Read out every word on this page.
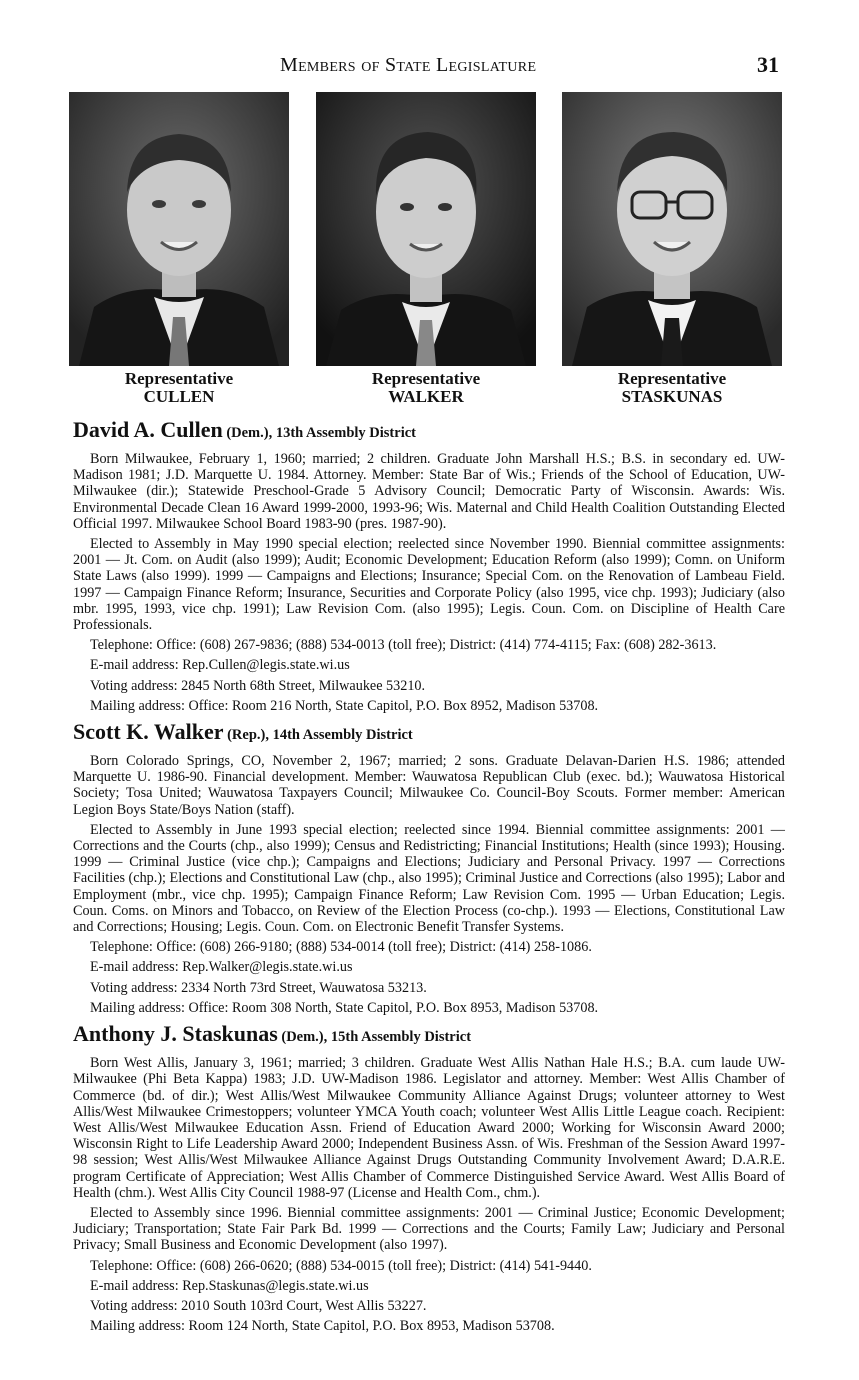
Members of State Legislature	31
Representative
CULLEN
Representative
WALKER
Representative
STASKUNAS
David A. Cullen (Dem.), 13th Assembly District

Born Milwaukee, February 1, 1960; married; 2 children. Graduate John Marshall H.S.; B.S. in secondary ed. UW-Madison 1981; J.D. Marquette U. 1984. Attorney. Member: State Bar of Wis.; Friends of the School of Education, UW-Milwaukee (dir.); Statewide Preschool-Grade 5 Advisory Council; Democratic Party of Wisconsin. Awards: Wis. Environmental Decade Clean 16 Award 1999-2000, 1993-96; Wis. Maternal and Child Health Coalition Outstanding Elected Official 1997. Milwaukee School Board 1983-90 (pres. 1987-90).

Elected to Assembly in May 1990 special election; reelected since November 1990. Biennial committee assignments: 2001 — Jt. Com. on Audit (also 1999); Audit; Economic Development; Education Reform (also 1999); Comn. on Uniform State Laws (also 1999). 1999 — Campaigns and Elections; Insurance; Special Com. on the Renovation of Lambeau Field. 1997 — Campaign Finance Reform; Insurance, Securities and Corporate Policy (also 1995, vice chp. 1993); Judiciary (also mbr. 1995, 1993, vice chp. 1991); Law Revision Com. (also 1995); Legis. Coun. Com. on Discipline of Health Care Professionals.

Telephone: Office: (608) 267-9836; (888) 534-0013 (toll free); District: (414) 774-4115; Fax: (608) 282-3613.

E-mail address: Rep.Cullen@legis.state.wi.us

Voting address: 2845 North 68th Street, Milwaukee 53210.

Mailing address: Office: Room 216 North, State Capitol, P.O. Box 8952, Madison 53708.

Scott K. Walker (Rep.), 14th Assembly District

Born Colorado Springs, CO, November 2, 1967; married; 2 sons. Graduate Delavan-Darien H.S. 1986; attended Marquette U. 1986-90. Financial development. Member: Wauwatosa Republican Club (exec. bd.); Wauwatosa Historical Society; Tosa United; Wauwatosa Taxpayers Council; Milwaukee Co. Council-Boy Scouts. Former member: American Legion Boys State/Boys Nation (staff).

Elected to Assembly in June 1993 special election; reelected since 1994. Biennial committee assignments: 2001 — Corrections and the Courts (chp., also 1999); Census and Redistricting; Financial Institutions; Health (since 1993); Housing. 1999 — Criminal Justice (vice chp.); Campaigns and Elections; Judiciary and Personal Privacy. 1997 — Corrections Facilities (chp.); Elections and Constitutional Law (chp., also 1995); Criminal Justice and Corrections (also 1995); Labor and Employment (mbr., vice chp. 1995); Campaign Finance Reform; Law Revision Com. 1995 — Urban Education; Legis. Coun. Coms. on Minors and Tobacco, on Review of the Election Process (co-chp.). 1993 — Elections, Constitutional Law and Corrections; Housing; Legis. Coun. Com. on Electronic Benefit Transfer Systems.

Telephone: Office: (608) 266-9180; (888) 534-0014 (toll free); District: (414) 258-1086.

E-mail address: Rep.Walker@legis.state.wi.us

Voting address: 2334 North 73rd Street, Wauwatosa 53213.

Mailing address: Office: Room 308 North, State Capitol, P.O. Box 8953, Madison 53708.

Anthony J. Staskunas (Dem.), 15th Assembly District

Born West Allis, January 3, 1961; married; 3 children. Graduate West Allis Nathan Hale H.S.; B.A. cum laude UW-Milwaukee (Phi Beta Kappa) 1983; J.D. UW-Madison 1986. Legislator and attorney. Member: West Allis Chamber of Commerce (bd. of dir.); West Allis/West Milwaukee Community Alliance Against Drugs; volunteer attorney to West Allis/West Milwaukee Crimestoppers; volunteer YMCA Youth coach; volunteer West Allis Little League coach. Recipient: West Allis/West Milwaukee Education Assn. Friend of Education Award 2000; Working for Wisconsin Award 2000; Wisconsin Right to Life Leadership Award 2000; Independent Business Assn. of Wis. Freshman of the Session Award 1997-98 session; West Allis/West Milwaukee Alliance Against Drugs Outstanding Community Involvement Award; D.A.R.E. program Certificate of Appreciation; West Allis Chamber of Commerce Distinguished Service Award. West Allis Board of Health (chm.). West Allis City Council 1988-97 (License and Health Com., chm.).

Elected to Assembly since 1996. Biennial committee assignments: 2001 — Criminal Justice; Economic Development; Judiciary; Transportation; State Fair Park Bd. 1999 — Corrections and the Courts; Family Law; Judiciary and Personal Privacy; Small Business and Economic Development (also 1997).

Telephone: Office: (608) 266-0620; (888) 534-0015 (toll free); District: (414) 541-9440.

E-mail address: Rep.Staskunas@legis.state.wi.us

Voting address: 2010 South 103rd Court, West Allis 53227.

Mailing address: Room 124 North, State Capitol, P.O. Box 8953, Madison 53708.
